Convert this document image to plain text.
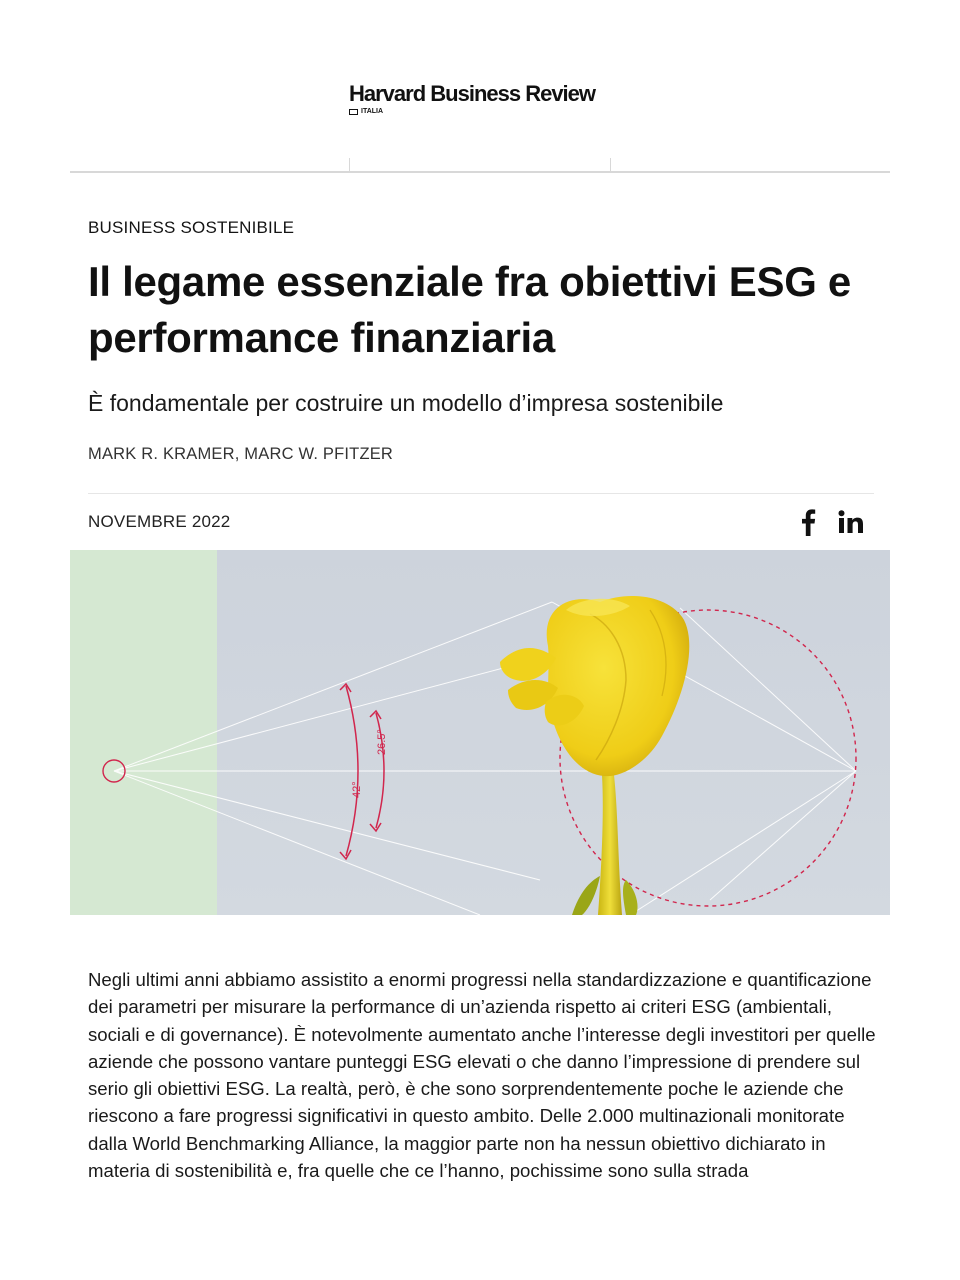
Harvard Business Review
ITALIA
BUSINESS SOSTENIBILE
Il legame essenziale fra obiettivi ESG e performance finanziaria
È fondamentale per costruire un modello d’impresa sostenibile
MARK R. KRAMER, MARC W. PFITZER
NOVEMBRE 2022
42°
26.5°

Negli ultimi anni abbiamo assistito a enormi progressi nella standardizzazione e quantificazione dei parametri per misurare la performance di un’azienda rispetto ai criteri ESG (ambientali, sociali e di governance). È notevolmente aumentato anche l’interesse degli investitori per quelle aziende che possono vantare punteggi ESG elevati o che danno l’impressione di prendere sul serio gli obiettivi ESG. La realtà, però, è che sono sorprendentemente poche le aziende che riescono a fare progressi significativi in questo ambito. Delle 2.000 multinazionali monitorate dalla World Benchmarking Alliance, la maggior parte non ha nessun obiettivo dichiarato in materia di sostenibilità e, fra quelle che ce l’hanno, pochissime sono sulla strada
